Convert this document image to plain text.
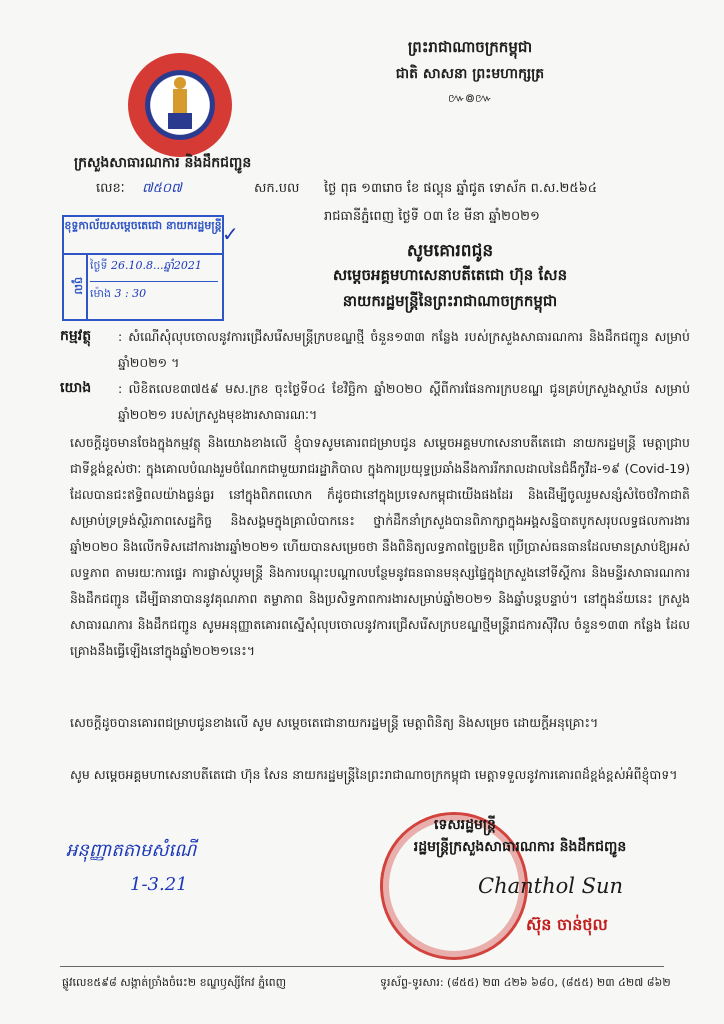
ព្រះរាជាណាចក្រកម្ពុជា
ជាតិ សាសនា ព្រះមហាក្សត្រ
៚៙៚
ក្រសួងសាធារណការ និងដឹកជញ្ជូន
លេខៈ ៧៥០៧	សក.បល ថ្ងៃ ពុធ ១៣រោច ខែ ផល្គុន ឆ្នាំជូត ទោស័ក ព.ស.២៥៦៤
រាជធានីភ្នំពេញ ថ្ងៃទី ០៣ ខែ មីនា ឆ្នាំ២០២១
ខុទ្ទកាល័យសម្ដេចតេជោ នាយករដ្ឋមន្ត្រី
ចូល
ថ្ងៃទី 26.10.8...ឆ្នាំ2021
ម៉ោង 3 : 30
✓
សូមគោរពជូន
សម្ដេចអគ្គមហាសេនាបតីតេជោ ហ៊ុន សែន
នាយករដ្ឋមន្ត្រីនៃព្រះរាជាណាចក្រកម្ពុជា
កម្មវត្ថុ : សំណើសុំលុបចោលនូវការជ្រើសរើសមន្ត្រីក្របខណ្ឌថ្មី ចំនួន១៣៣ កន្លែង របស់ក្រសួងសាធារណការ និងដឹកជញ្ជូន សម្រាប់ឆ្នាំ២០២១ ។
យោង : លិខិតលេខ៣៧៥៩ មស.ក្រខ ចុះថ្ងៃទី០៤ ខែវិច្ឆិកា ឆ្នាំ២០២០ ស្ដីពីការផែនការក្របខណ្ឌ ជូនគ្រប់ក្រសួងស្ថាប័ន សម្រាប់ឆ្នាំ២០២១ របស់ក្រសួងមុខងារសាធារណៈ។
សេចក្ដីដូចមានចែងក្នុងកម្មវត្ថុ និងយោងខាងលើ ខ្ញុំបាទសូមគោរពជម្រាបជូន សម្ដេចអគ្គមហាសេនាបតីតេជោ នាយករដ្ឋមន្ត្រី មេត្តាជ្រាបជាទីខ្ពង់ខ្ពស់ថាៈ ក្នុងគោលបំណងរួមចំណែកជាមួយរាជរដ្ឋាភិបាល ក្នុងការប្រយុទ្ធប្រឆាំងនឹងការរីករាលដាលនៃជំងឺកូវីដ-១៩ (Covid-19) ដែលបានជះឥទ្ធិពលយ៉ាងធ្ងន់ធ្ងរ នៅក្នុងពិភពលោក ក៏ដូចជានៅក្នុងប្រទេសកម្ពុជាយើងផងដែរ និងដើម្បីចូលរួមសន្សំសំចៃថវិកាជាតិសម្រាប់ទ្រទ្រង់ស្ថិរភាពសេដ្ឋកិច្ច និងសង្គមក្នុងគ្រាលំបាកនេះ ថ្នាក់ដឹកនាំក្រសួងបានពិភាក្សាក្នុងអង្គសន្និបាតបូកសរុបលទ្ធផលការងារឆ្នាំ២០២០ និងលើកទិសដៅការងារឆ្នាំ២០២១ ហើយបានសម្រេចថា នឹងពិនិត្យលទ្ធភាពច្នៃប្រឌិត ប្រើប្រាស់ធនធានដែលមានស្រាប់ឱ្យអស់លទ្ធភាព តាមរយៈការផ្ទេរ ការផ្លាស់ប្ដូរមន្ត្រី និងការបណ្ដុះបណ្ដាលបន្ថែមនូវធនធានមនុស្សផ្ទៃក្នុងក្រសួងនៅទីស្ដីការ និងមន្ទីរសាធារណការ និងដឹកជញ្ជូន ដើម្បីធានាបាននូវគុណភាព តម្លាភាព និងប្រសិទ្ធភាពការងារសម្រាប់ឆ្នាំ២០២១ និងឆ្នាំបន្តបន្ទាប់។ នៅក្នុងន័យនេះ ក្រសួងសាធារណការ និងដឹកជញ្ជូន សូមអនុញ្ញាតគោរពស្នើសុំលុបចោលនូវការជ្រើសរើសក្របខណ្ឌថ្មីមន្ត្រីរាជការស៊ីវិល ចំនួន១៣៣ កន្លែង ដែលគ្រោងនឹងធ្វើឡើងនៅក្នុងឆ្នាំ២០២១នេះ។
សេចក្ដីដូចបានគោរពជម្រាបជូនខាងលើ សូម សម្ដេចតេជោនាយករដ្ឋមន្ត្រី មេត្តាពិនិត្យ និងសម្រេច ដោយក្ដីអនុគ្រោះ។
សូម សម្ដេចអគ្គមហាសេនាបតីតេជោ ហ៊ុន សែន នាយករដ្ឋមន្ត្រីនៃព្រះរាជាណាចក្រកម្ពុជា មេត្តាទទួលនូវការគោរពដ៏ខ្ពង់ខ្ពស់អំពីខ្ញុំបាទ។
ទេសរដ្ឋមន្ត្រី
រដ្ឋមន្ត្រីក្រសួងសាធារណការ និងដឹកជញ្ជូន
Chanthol Sun
ស៊ុន ចាន់ថុល
អនុញ្ញាតតាមសំណើ
1-3.21
ផ្លូវលេខ៥៩៨ សង្កាត់ច្រាំងចំរេះ២ ខណ្ឌឫស្សីកែវ ភ្នំពេញ	ទូរស័ព្ទ-ទូរសារ: (៨៥៥) ២៣ ៤២៦ ៦៨០, (៨៥៥) ២៣ ៤២៧ ៨៦២
